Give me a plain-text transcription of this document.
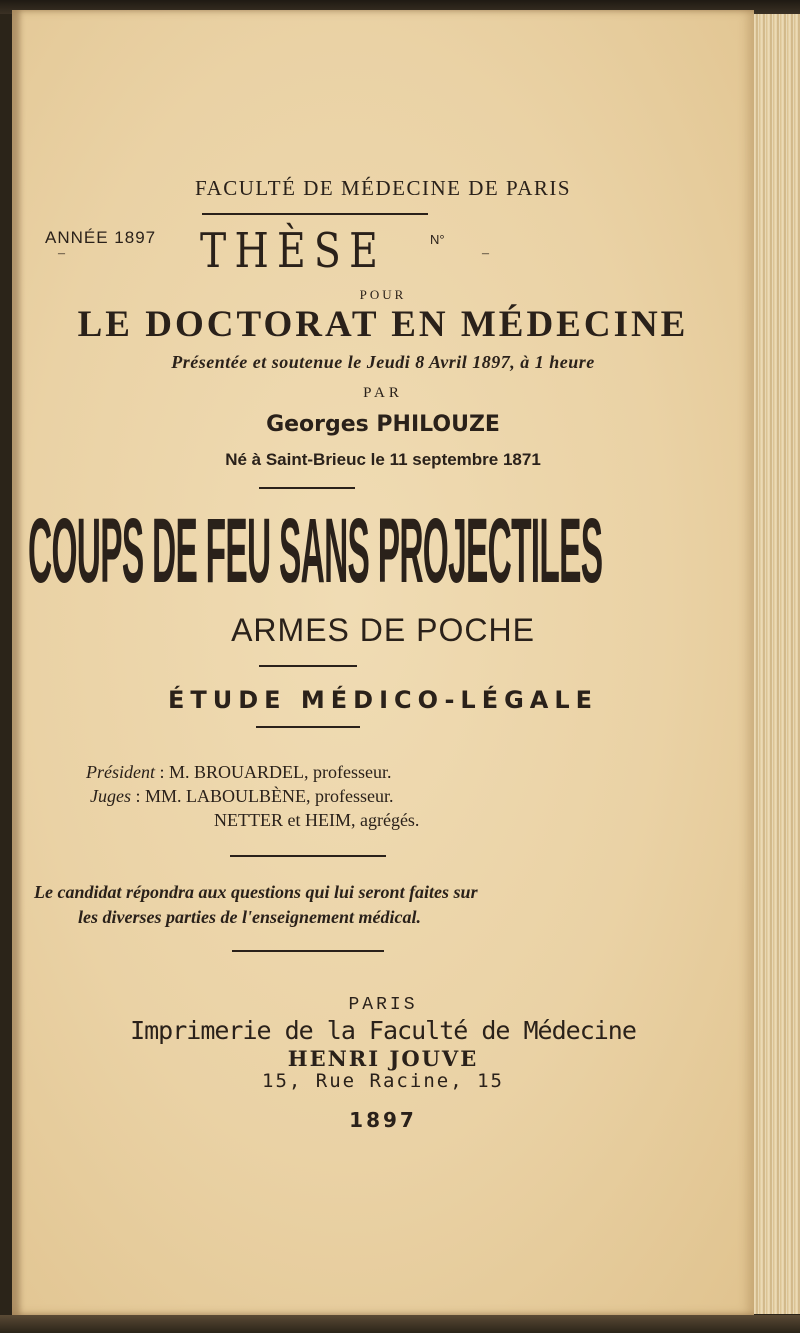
FACULTÉ DE MÉDECINE DE PARIS
ANNÉE 1897
–	THÈSE	N°
–
POUR
LE DOCTORAT EN MÉDECINE
Présentée et soutenue le Jeudi 8 Avril 1897, à 1 heure
PAR
Georges PHILOUZE
Né à Saint-Brieuc le 11 septembre 1871
COUPS DE FEU SANS PROJECTILES
ARMES DE POCHE
ÉTUDE MÉDICO-LÉGALE
Président : M. BROUARDEL, professeur.
Juges : MM. LABOULBÈNE, professeur.
NETTER et HEIM, agrégés.
Le candidat répondra aux questions qui lui seront faites sur
les diverses parties de l'enseignement médical.
PARIS
Imprimerie de la Faculté de Médecine
HENRI JOUVE
15, Rue Racine, 15
1897
